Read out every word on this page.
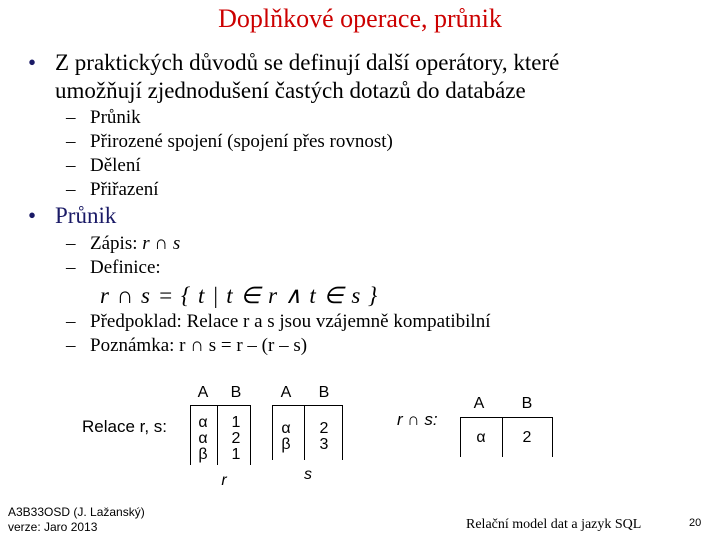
Doplňkové operace, průnik
• Z praktických důvodů se definují další operátory, které
umožňují zjednodušení častých dotazů do databáze
– Průnik
– Přirozené spojení (spojení přes rovnost)
– Dělení
– Přiřazení
• Průnik
– Zápis: r ∩ s
– Definice:
r ∩ s = { t | t ∈ r ∧ t ∈ s }
– Předpoklad: Relace r a s jsou vzájemně kompatibilní
– Poznámka: r ∩ s = r – (r – s)
Relace r, s:
A B
α	1
α	2
β	1
r
A B
α	2
β	3
s
r ∩ s:
A	B
α	2
A3B33OSD (J. Lažanský)
verze: Jaro 2013	Relační model dat a jazyk SQL	20
